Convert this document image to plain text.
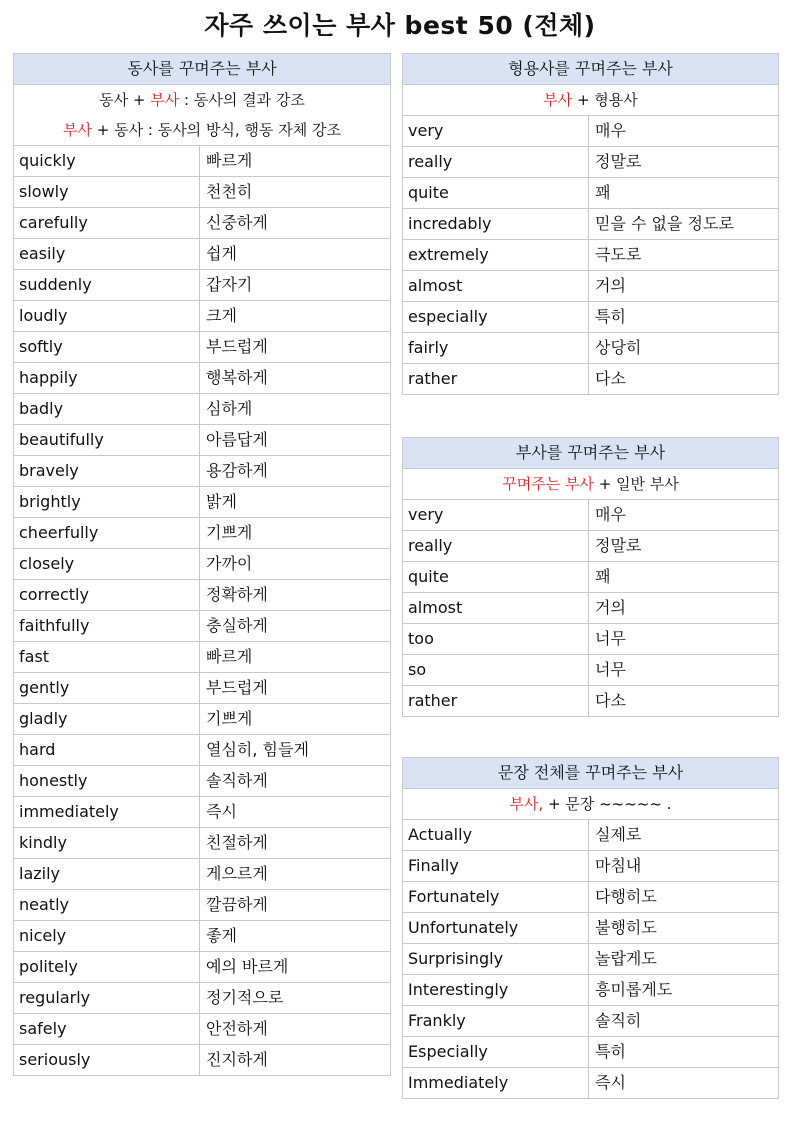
자주 쓰이는 부사 best 50 (전체)
동사를 꾸며주는 부사	
동사 + 부사 : 동사의 결과 강조	
부사 + 동사 : 동사의 방식, 행동 자체 강조	
quickly	빠르게
slowly	천천히
carefully	신중하게
easily	쉽게
suddenly	갑자기
loudly	크게
softly	부드럽게
happily	행복하게
badly	심하게
beautifully	아름답게
bravely	용감하게
brightly	밝게
cheerfully	기쁘게
closely	가까이
correctly	정확하게
faithfully	충실하게
fast	빠르게
gently	부드럽게
gladly	기쁘게
hard	열심히, 힘들게
honestly	솔직하게
immediately	즉시
kindly	친절하게
lazily	게으르게
neatly	깔끔하게
nicely	좋게
politely	예의 바르게
regularly	정기적으로
safely	안전하게
seriously	진지하게
형용사를 꾸며주는 부사	
부사 + 형용사	
very	매우
really	정말로
quite	꽤
incredably	믿을 수 없을 정도로
extremely	극도로
almost	거의
especially	특히
fairly	상당히
rather	다소
부사를 꾸며주는 부사	
꾸며주는 부사 + 일반 부사	
very	매우
really	정말로
quite	꽤
almost	거의
too	너무
so	너무
rather	다소
문장 전체를 꾸며주는 부사	
부사, + 문장 ~~~~~ .	
Actually	실제로
Finally	마침내
Fortunately	다행히도
Unfortunately	불행히도
Surprisingly	놀랍게도
Interestingly	흥미롭게도
Frankly	솔직히
Especially	특히
Immediately	즉시
